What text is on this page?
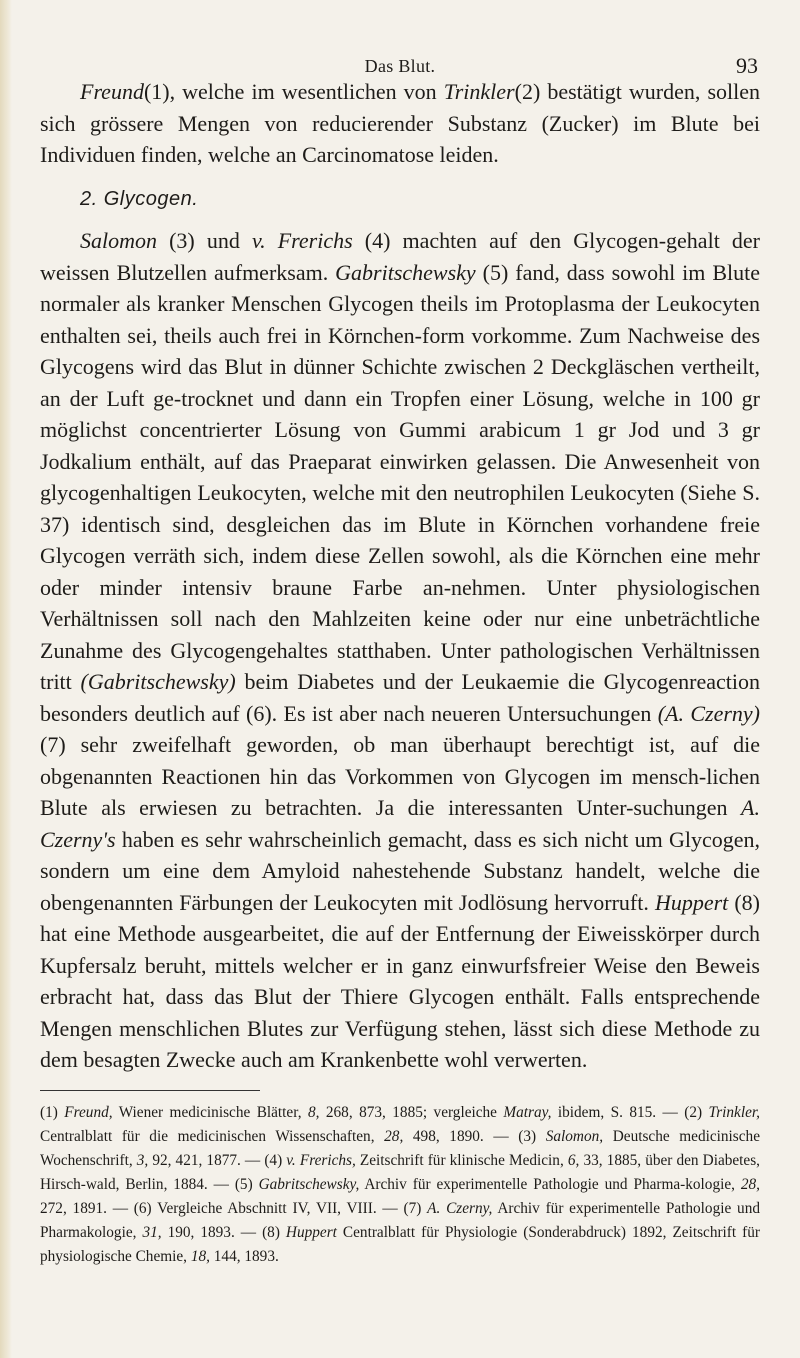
Das Blut.	93

Freund(1), welche im wesentlichen von Trinkler(2) bestätigt wurden, sollen sich grössere Mengen von reducierender Substanz (Zucker) im Blute bei Individuen finden, welche an Carcinomatose leiden.

2. Glycogen.

Salomon (3) und v. Frerichs (4) machten auf den Glycogen-gehalt der weissen Blutzellen aufmerksam. Gabritschewsky (5) fand, dass sowohl im Blute normaler als kranker Menschen Glycogen theils im Protoplasma der Leukocyten enthalten sei, theils auch frei in Körnchen-form vorkomme. Zum Nachweise des Glycogens wird das Blut in dünner Schichte zwischen 2 Deckgläschen vertheilt, an der Luft ge-trocknet und dann ein Tropfen einer Lösung, welche in 100 gr möglichst concentrierter Lösung von Gummi arabicum 1 gr Jod und 3 gr Jodkalium enthält, auf das Praeparat einwirken gelassen. Die Anwesenheit von glycogenhaltigen Leukocyten, welche mit den neutrophilen Leukocyten (Siehe S. 37) identisch sind, desgleichen das im Blute in Körnchen vorhandene freie Glycogen verräth sich, indem diese Zellen sowohl, als die Körnchen eine mehr oder minder intensiv braune Farbe an-nehmen. Unter physiologischen Verhältnissen soll nach den Mahlzeiten keine oder nur eine unbeträchtliche Zunahme des Glycogengehaltes statthaben. Unter pathologischen Verhältnissen tritt (Gabritschewsky) beim Diabetes und der Leukaemie die Glycogenreaction besonders deutlich auf (6). Es ist aber nach neueren Untersuchungen (A. Czerny) (7) sehr zweifelhaft geworden, ob man überhaupt berechtigt ist, auf die obgenannten Reactionen hin das Vorkommen von Glycogen im mensch-lichen Blute als erwiesen zu betrachten. Ja die interessanten Unter-suchungen A. Czerny's haben es sehr wahrscheinlich gemacht, dass es sich nicht um Glycogen, sondern um eine dem Amyloid nahestehende Substanz handelt, welche die obengenannten Färbungen der Leukocyten mit Jodlösung hervorruft. Huppert (8) hat eine Methode ausgearbeitet, die auf der Entfernung der Eiweisskörper durch Kupfersalz beruht, mittels welcher er in ganz einwurfsfreier Weise den Beweis erbracht hat, dass das Blut der Thiere Glycogen enthält. Falls entsprechende Mengen menschlichen Blutes zur Verfügung stehen, lässt sich diese Methode zu dem besagten Zwecke auch am Krankenbette wohl verwerten.

(1) Freund, Wiener medicinische Blätter, 8, 268, 873, 1885; vergleiche Matray, ibidem, S. 815. — (2) Trinkler, Centralblatt für die medicinischen Wissenschaften, 28, 498, 1890. — (3) Salomon, Deutsche medicinische Wochenschrift, 3, 92, 421, 1877. — (4) v. Frerichs, Zeitschrift für klinische Medicin, 6, 33, 1885, über den Diabetes, Hirsch-wald, Berlin, 1884. — (5) Gabritschewsky, Archiv für experimentelle Pathologie und Pharma-kologie, 28, 272, 1891. — (6) Vergleiche Abschnitt IV, VII, VIII. — (7) A. Czerny, Archiv für experimentelle Pathologie und Pharmakologie, 31, 190, 1893. — (8) Huppert Centralblatt für Physiologie (Sonderabdruck) 1892, Zeitschrift für physiologische Chemie, 18, 144, 1893.
